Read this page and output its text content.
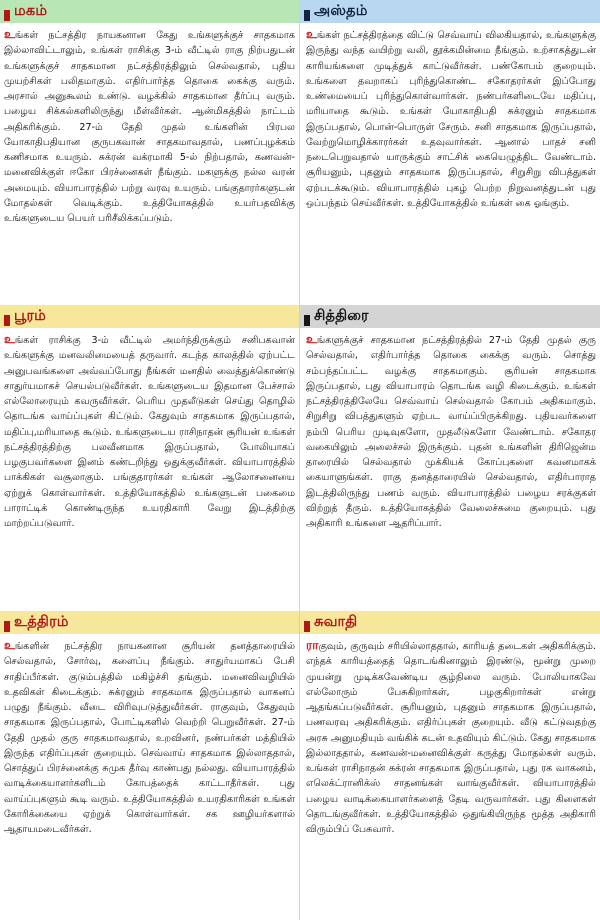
மகம்

உங்கள் நட்சத்திர நாயகனான கேது உங்களுக்குச் சாதகமாக இல்லாவிட்டாலும், உங்கள் ராசிக்கு 3-ம் வீட்டில் ராகு நிற்பதுடன் உங்களுக்குச் சாதகமான நட்சத்திரத்திலும் செல்வதால், புதிய முயற்சிகள் பலிதமாகும். எதிர்பார்த்த தொகை கைக்கு வரும். அரசால் அனுகூலம் உண்டு. வழக்கில் சாதகமான தீர்ப்பு வரும். பழைய சிக்கல்களிலிருந்து மீள்வீர்கள். ஆன்மிகத்தில் நாட்டம் அதிகரிக்கும். 27-ம் தேதி முதல் உங்களின் பிரபல யோகாதிபதியான குருபகவான் சாதகமாவதால், பணப்புழக்கம் கணிசமாக உயரும். சுக்ரன் வக்ரமாகி 5-ல் நிற்பதால், கணவன்-மனைவிக்குள் ஈகோ பிரச்னைகள் நீங்கும். மகளுக்கு நல்ல வரன் அமையும். வியாபாரத்தில் பற்று வரவு உயரும். பங்குதாரர்களுடன் மோதல்கள் வெடிக்கும். உத்தியோகத்தில் உயர்பதவிக்கு உங்களுடைய பெயர் பரிசீலிக்கப்படும்.

அஸ்தம்

உங்கள் நட்சத்திரத்தை விட்டு செவ்வாய் விலகியதால், உங்களுக்கு இருந்து வந்த வயிற்று வலி, தூக்கமின்மை நீங்கும். உற்சாகத்துடன் காரியங்களை முடித்துக் காட்டுவீர்கள். பண்கோபம் குறையும். உங்களை தவறாகப் புரிந்துகொண்ட சகோதரர்கள் இப்போது உண்மையைப் புரிந்துகொள்வார்கள். நண்பர்களிடையே மதிப்பு, மரியாதை கூடும். உங்கள் யோகாதிபதி சுக்ரனும் சாதகமாக இருப்பதால், பொன்-பொருள் சேரும். சனி சாதகமாக இருப்பதால், வேற்றுமொழிக்காரர்கள் உதவுவார்கள். ஆனால் பாதச் சனி நடைபெறுவதால் யாருக்கும் சாட்சிக் கையெழுத்திட வேண்டாம். சூரியனும், புதனும் சாதகமாக இருப்பதால், சிறுசிறு விபத்துகள் ஏற்படக்கூடும். வியாபாரத்தில் புகழ் பெற்ற நிறுவனத்துடன் புது ஒப்பந்தம் செய்வீர்கள். உத்தியோகத்தில் உங்கள் கை ஓங்கும்.

பூரம்

உங்கள் ராசிக்கு 3-ம் வீட்டில் அமர்ந்திருக்கும் சனிபகவான் உங்களுக்கு மனவலிமையைத் தருவார். கடந்த காலத்தில் ஏற்பட்ட அனுபவங்களை அவ்வப்போது நீங்கள் மனதில் வைத்துக்கொண்டு சாதுர்யமாகச் செயல்படுவீர்கள். உங்களுடைய இதமான பேச்சால் எல்லோரையும் கவருவீர்கள். பெரிய முதலீடுகள் செய்து தொழில் தொடங்க வாய்ப்புகள் கிட்டும். கேதுவும் சாதகமாக இருப்பதால், மதிப்பு,மரியாதை கூடும். உங்களுடைய ராசிநாதன் சூரியன் உங்கள் நட்சத்திரத்திற்கு பலவீனமாக இருப்பதால், போலியாகப் பழகுபவர்களை இனம் கண்டறிந்து ஒதுக்குவீர்கள். வியாபாரத்தில் பாக்கிகள் வசூலாகும். பங்குதாரர்கள் உங்கள் ஆலோசனையை ஏற்றுக் கொள்வார்கள். உத்தியோகத்தில் உங்களுடன் பகைமை பாராட்டிக் கொண்டிருந்த உயரதிகாரி வேறு இடத்திற்கு மாற்றப்படுவார்.

சித்திரை

உங்களுக்குச் சாதகமான நட்சத்திரத்தில் 27-ம் தேதி முதல் குரு செல்வதால், எதிர்பார்த்த தொகை கைக்கு வரும். சொத்து சம்பந்தப்பட்ட வழக்கு சாதகமாகும். சூரியன் சாதகமாக இருப்பதால், புது வியாபாரம் தொடங்க வழி கிடைக்கும். உங்கள் நட்சத்திரத்திலேயே செவ்வாய் செல்வதால் கோபம் அதிகமாகும். சிறுசிறு விபத்துகளும் ஏற்பட வாய்ப்பிருக்கிறது. புதியவர்களை நம்பி பெரிய முடிவுகளோ, முதலீடுகளோ வேண்டாம். சகோதர வகையிலும் அலைச்சல் இருக்கும். புதன் உங்களின் திரிஜென்ம தாரையில் செல்வதால் முக்கியக் கோப்புகளை கவனமாகக் கையாளுங்கள். ராகு தனத்தாரையில் செல்வதால், எதிர்பாராத இடத்திலிருந்து பணம் வரும். வியாபாரத்தில் பழைய சரக்குகள் விற்றுத் தீரும். உத்தியோகத்தில் வேலைச்சுமை குறையும். புது அதிகாரி உங்களை ஆதரிப்பார்.

உத்திரம்

உங்களின் நட்சத்திர நாயகனான சூரியன் தனத்தாரையில் செல்வதால், சோர்வு, களைப்பு நீங்கும். சாதுர்யமாகப் பேசி சாதிப்பீர்கள். குடும்பத்தில் மகிழ்ச்சி தங்கும். மனைவிவழியில் உதவிகள் கிடைக்கும். சுக்ரனும் சாதகமாக இருப்பதால் வாகனப் பழுது நீங்கும். வீடை விரிவுபடுத்துவீர்கள். ராகுவும், கேதுவும் சாதகமாக இருப்பதால், போட்டிகளில் வெற்றி பெறுவீர்கள். 27-ம் தேதி முதல் குரு சாதகமாவதால், உறவினர், நண்பர்கள் மத்தியில் இருந்த எதிர்ப்புகள் குறையும். செவ்வாய் சாதகமாக இல்லாததால், சொத்துப் பிரச்னைக்கு சுமுக தீர்வு காண்பது நல்லது. வியாபாரத்தில் வாடிக்கையாளர்களிடம் கோபத்தைக் காட்டாதீர்கள். புது வாய்ப்புகளும் கூடி வரும். உத்தியோகத்தில் உயரதிகாரிகள் உங்கள் கோரிக்கையை ஏற்றுக் கொள்வார்கள். சக ஊழியர்களால் ஆதாயமடைவீர்கள்.

சுவாதி

ராகுவும், குருவும் சரியில்லாததால், காரியத் தடைகள் அதிகரிக்கும். எந்தக் காரியத்தைத் தொடங்கினாலும் இரண்டு, மூன்று முறை முயன்று முடிக்கவேண்டிய சூழ்நிலை வரும். போலியாகவே எல்லோரும் பேசுகிறார்கள், பழகுகிறார்கள் என்று ஆதங்கப்படுவீர்கள். சூரியனும், புதனும் சாதகமாக இருப்பதால், பணவரவு அதிகரிக்கும். எதிர்ப்புகள் குறையும். வீடு கட்டுவதற்கு அரசு அனுமதியும் வங்கிக் கடன் உதவியும் கிட்டும். கேது சாதகமாக இல்லாததால், கணவன்-மனைவிக்குள் கருத்து மோதல்கள் வரும். உங்கள் ராசிநாதன் சுக்ரன் சாதகமாக இருப்பதால், புது ரக வாகனம், எலெக்ட்ரானிக்ஸ் சாதனங்கள் வாங்குவீர்கள். வியாபாரத்தில் பழைய வாடிக்கையாளர்களைத் தேடி வருவார்கள். புது கிளைகள் தொடங்குவீர்கள். உத்தியோகத்தில் ஒதுங்கியிருந்த மூத்த அதிகாரி விரும்பிப் பேசுவார்.
